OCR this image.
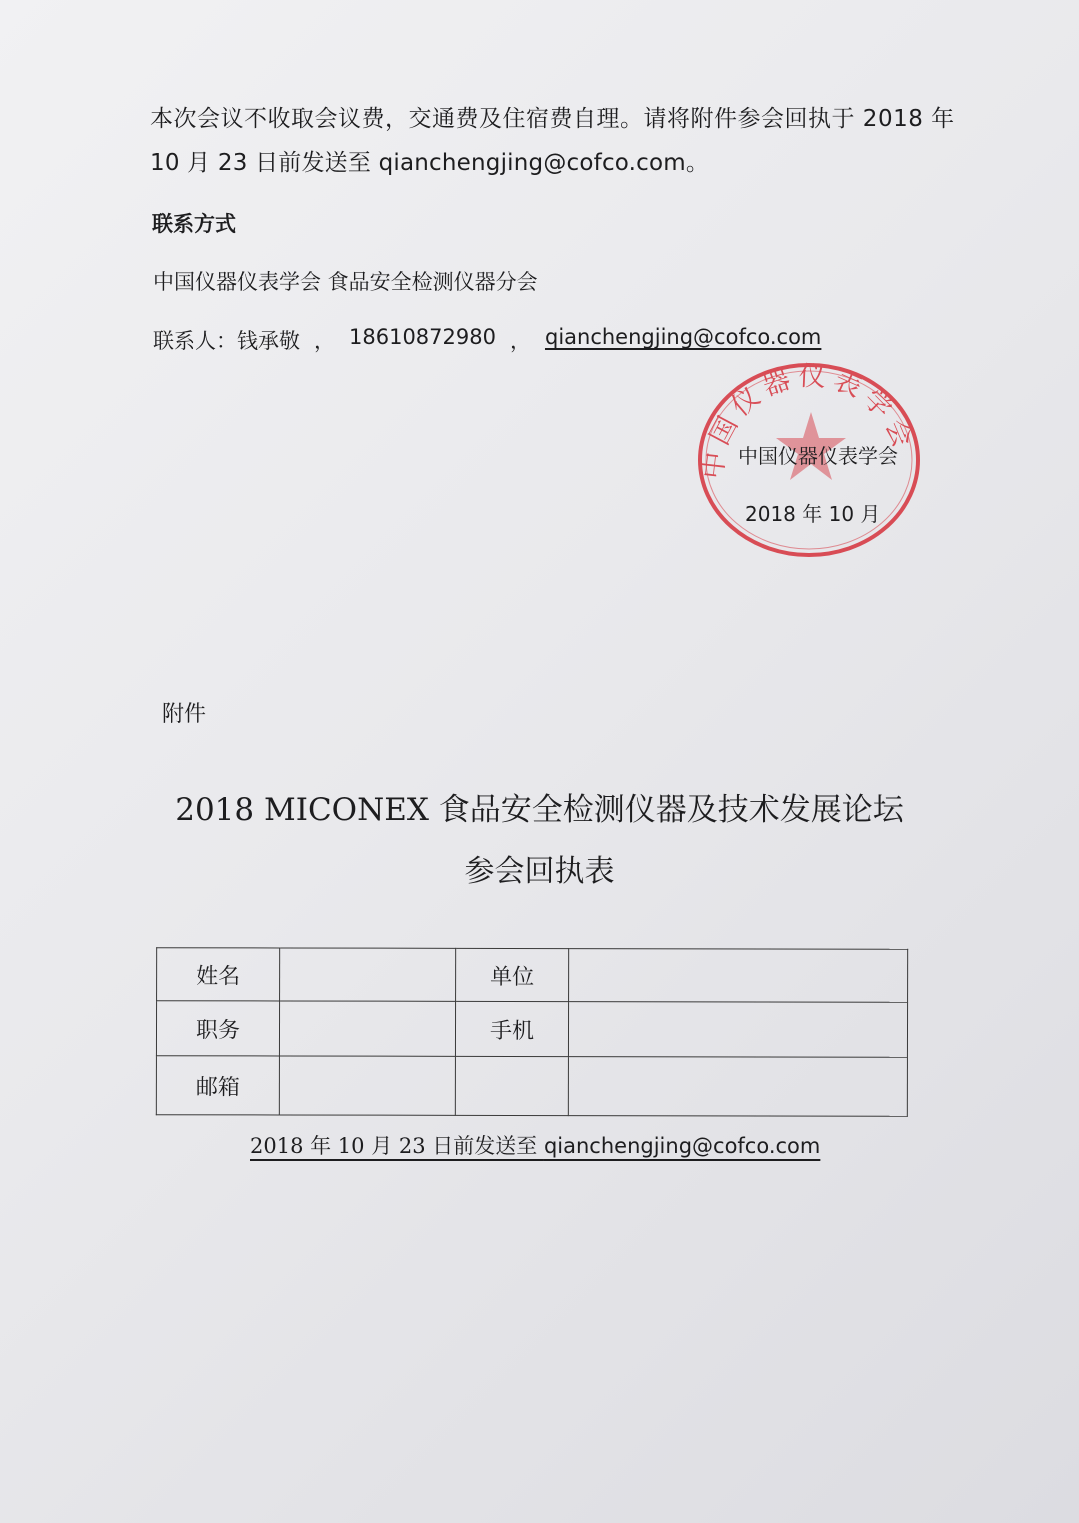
本次会议不收取会议费，交通费及住宿费自理。请将附件参会回执于 2018 年

10 月 23 日前发送至 qianchengjing@cofco.com。

联系方式

中国仪器仪表学会 食品安全检测仪器分会

联系人：钱承敬 ， 18610872980 ， qianchengjing@cofco.com

中国仪器仪表学会

中国仪器仪表学会

2018 年 10 月

附件

2018 MICONEX 食品安全检测仪器及技术发展论坛

参会回执表

姓名		单位	
职务		手机	
邮箱			

2018 年 10 月 23 日前发送至 qianchengjing@cofco.com
